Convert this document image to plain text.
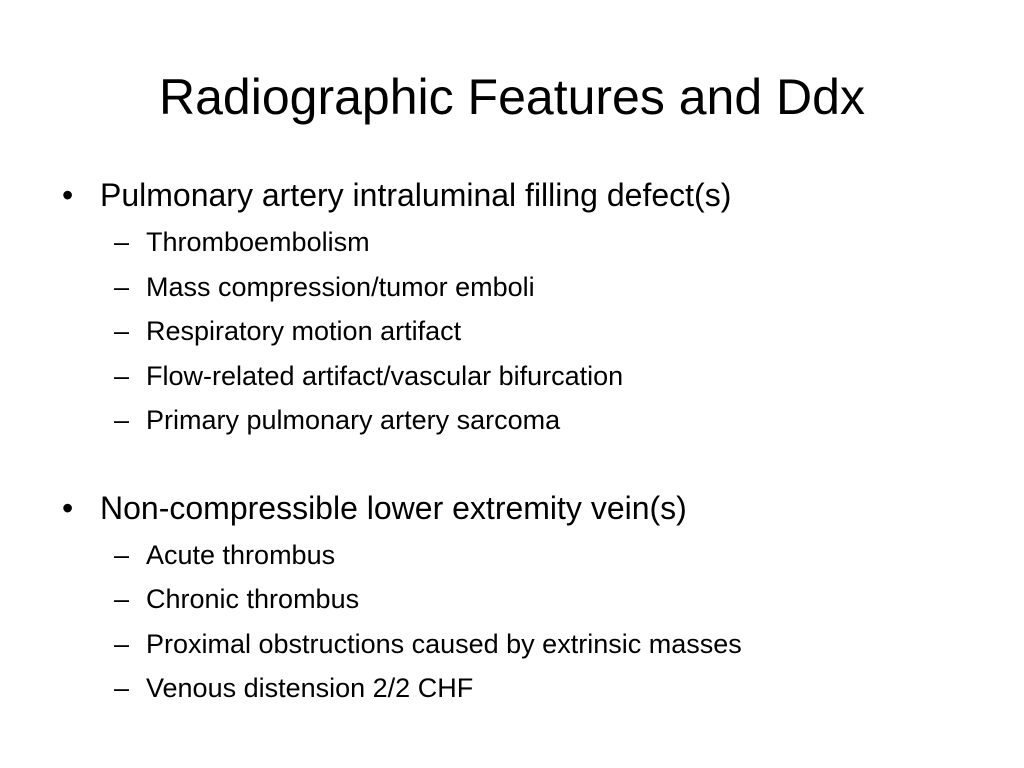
Radiographic Features and Ddx
• Pulmonary artery intraluminal filling defect(s)
– Thromboembolism
– Mass compression/tumor emboli
– Respiratory motion artifact
– Flow-related artifact/vascular bifurcation
– Primary pulmonary artery sarcoma
• Non-compressible lower extremity vein(s)
– Acute thrombus
– Chronic thrombus
– Proximal obstructions caused by extrinsic masses
– Venous distension 2/2 CHF
